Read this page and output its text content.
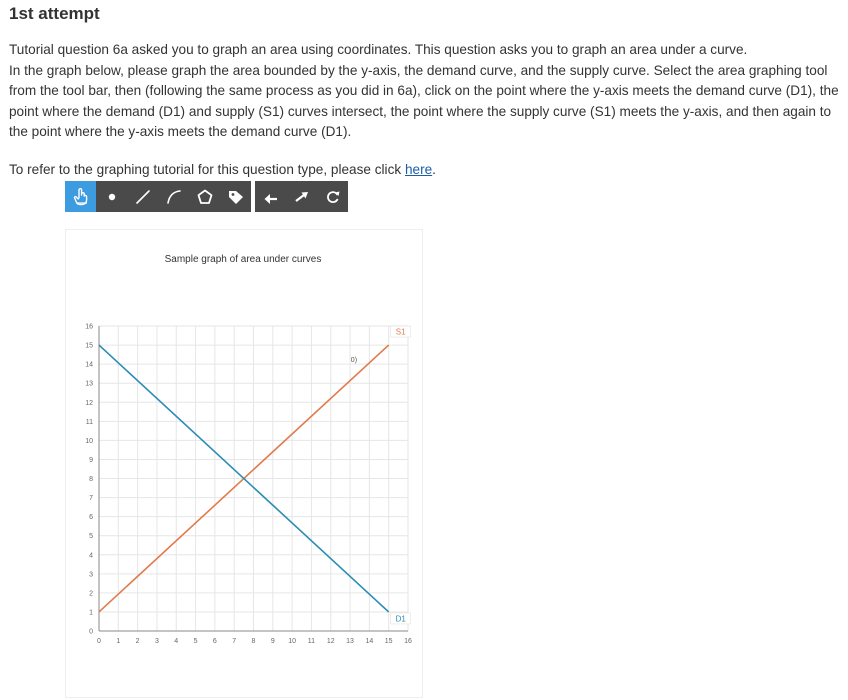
1st attempt

Tutorial question 6a asked you to graph an area using coordinates. This question asks you to graph an area under a curve.

In the graph below, please graph the area bounded by the y-axis, the demand curve, and the supply curve. Select the area graphing tool from the tool bar, then (following the same process as you did in 6a), click on the point where the y-axis meets the demand curve (D1), the point where the demand (D1) and supply (S1) curves intersect, the point where the supply curve (S1) meets the y-axis, and then again to the point where the y-axis meets the demand curve (D1).

To refer to the graphing tutorial for this question type, please click here.
Sample graph of area under curves
0
1
2
3
4
5
6
7
8
9
10
11
12
13
14
15
16
0 1 2 3 4 5 6 7 8 9 10 11 12 13 14 15 16
S1
D1
0)
